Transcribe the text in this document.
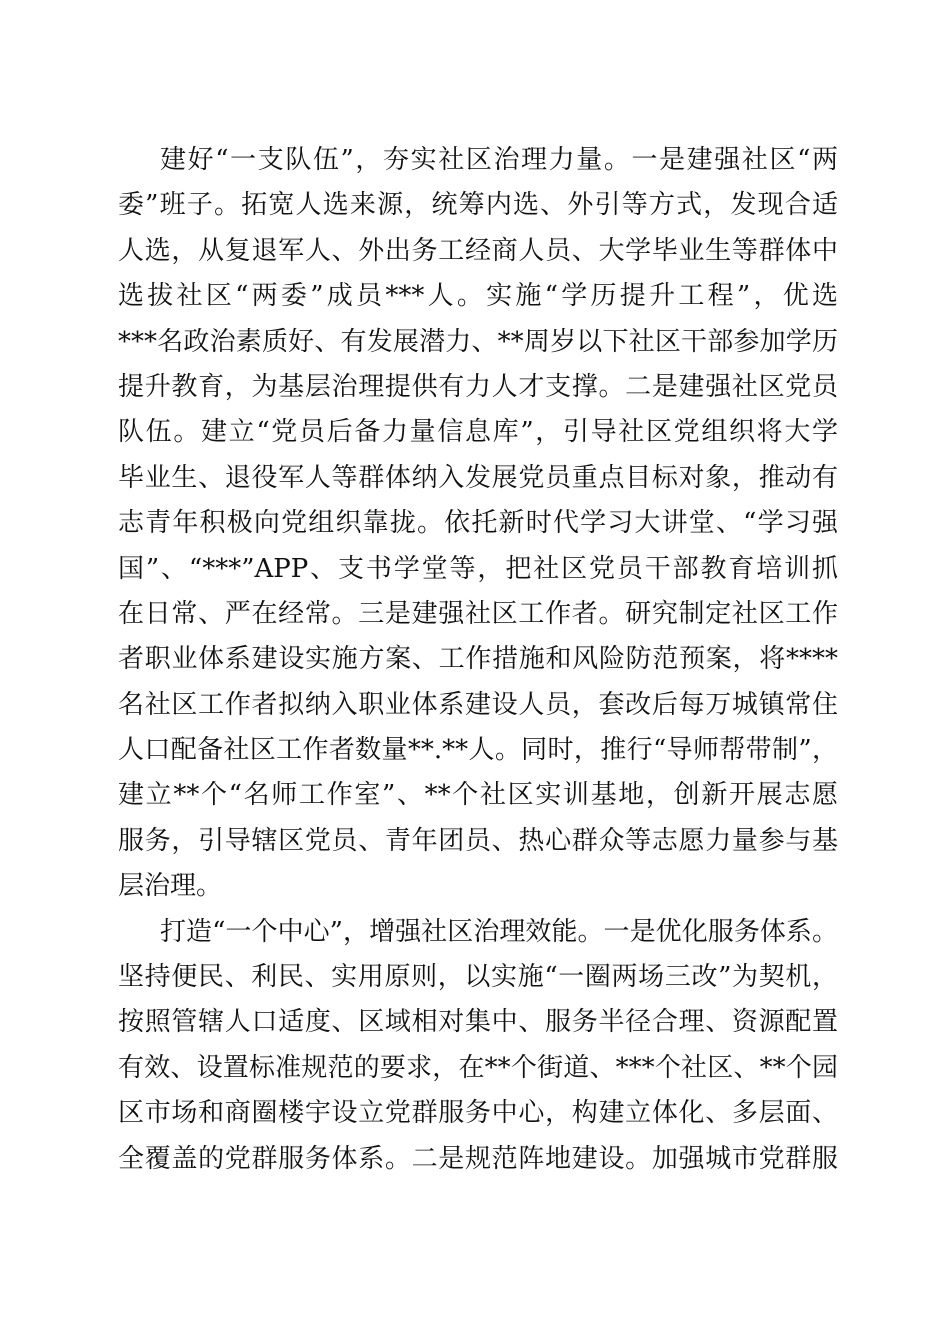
建好“一支队伍”，夯实社区治理力量。一是建强社区“两
委”班子。拓宽人选来源，统筹内选、外引等方式，发现合适
人选，从复退军人、外出务工经商人员、大学毕业生等群体中
选拔社区“两委”成员***人。实施“学历提升工程”，优选
***名政治素质好、有发展潜力、**周岁以下社区干部参加学历
提升教育，为基层治理提供有力人才支撑。二是建强社区党员
队伍。建立“党员后备力量信息库”，引导社区党组织将大学
毕业生、退役军人等群体纳入发展党员重点目标对象，推动有
志青年积极向党组织靠拢。依托新时代学习大讲堂、“学习强
国”、“***”APP、支书学堂等，把社区党员干部教育培训抓
在日常、严在经常。三是建强社区工作者。研究制定社区工作
者职业体系建设实施方案、工作措施和风险防范预案，将****
名社区工作者拟纳入职业体系建设人员，套改后每万城镇常住
人口配备社区工作者数量**.**人。同时，推行“导师帮带制”，
建立**个“名师工作室”、**个社区实训基地，创新开展志愿
服务，引导辖区党员、青年团员、热心群众等志愿力量参与基
层治理。
打造“一个中心”，增强社区治理效能。一是优化服务体系。
坚持便民、利民、实用原则，以实施“一圈两场三改”为契机，
按照管辖人口适度、区域相对集中、服务半径合理、资源配置
有效、设置标准规范的要求，在**个街道、***个社区、**个园
区市场和商圈楼宇设立党群服务中心，构建立体化、多层面、
全覆盖的党群服务体系。二是规范阵地建设。加强城市党群服
